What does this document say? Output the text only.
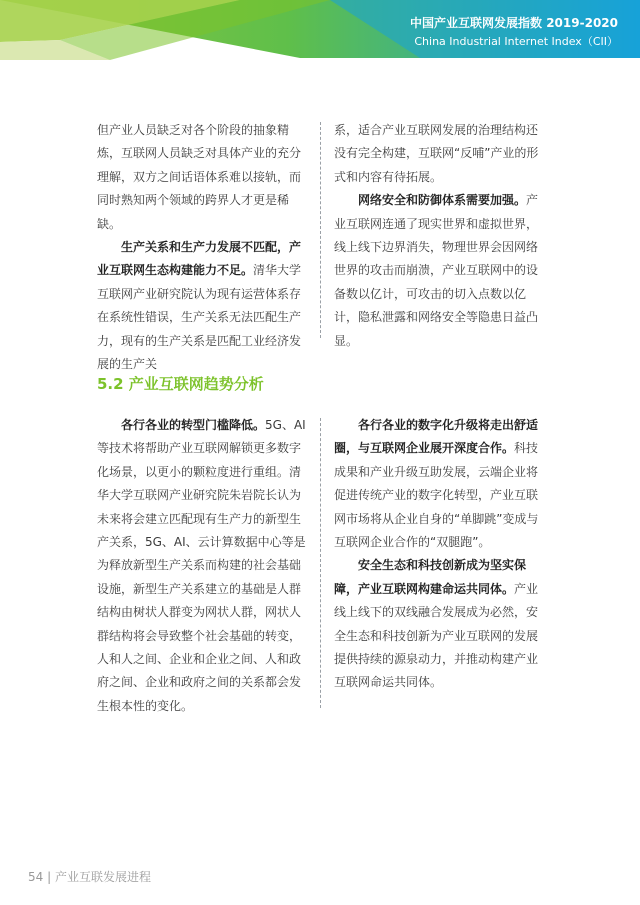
中国产业互联网发展指数 2019-2020
China Industrial Internet Index（CII）

但产业人员缺乏对各个阶段的抽象精炼，互联网人员缺乏对具体产业的充分理解，双方之间话语体系难以接轨，而同时熟知两个领域的跨界人才更是稀缺。

生产关系和生产力发展不匹配，产业互联网生态构建能力不足。清华大学互联网产业研究院认为现有运营体系存在系统性错误，生产关系无法匹配生产力，现有的生产关系是匹配工业经济发展的生产关

系，适合产业互联网发展的治理结构还没有完全构建，互联网“反哺”产业的形式和内容有待拓展。

网络安全和防御体系需要加强。产业互联网连通了现实世界和虚拟世界，线上线下边界消失，物理世界会因网络世界的攻击而崩溃，产业互联网中的设备数以亿计，可攻击的切入点数以亿计，隐私泄露和网络安全等隐患日益凸显。

5.2 产业互联网趋势分析

各行各业的转型门槛降低。5G、AI 等技术将帮助产业互联网解锁更多数字化场景，以更小的颗粒度进行重组。清华大学互联网产业研究院朱岩院长认为未来将会建立匹配现有生产力的新型生产关系，5G、AI、云计算数据中心等是为释放新型生产关系而构建的社会基础设施，新型生产关系建立的基础是人群结构由树状人群变为网状人群，网状人群结构将会导致整个社会基础的转变，人和人之间、企业和企业之间、人和政府之间、企业和政府之间的关系都会发生根本性的变化。

各行各业的数字化升级将走出舒适圈，与互联网企业展开深度合作。科技成果和产业升级互助发展，云端企业将促进传统产业的数字化转型，产业互联网市场将从企业自身的“单脚跳”变成与互联网企业合作的“双腿跑”。

安全生态和科技创新成为坚实保障，产业互联网构建命运共同体。产业线上线下的双线融合发展成为必然，安全生态和科技创新为产业互联网的发展提供持续的源泉动力，并推动构建产业互联网命运共同体。

54 | 产业互联发展进程
